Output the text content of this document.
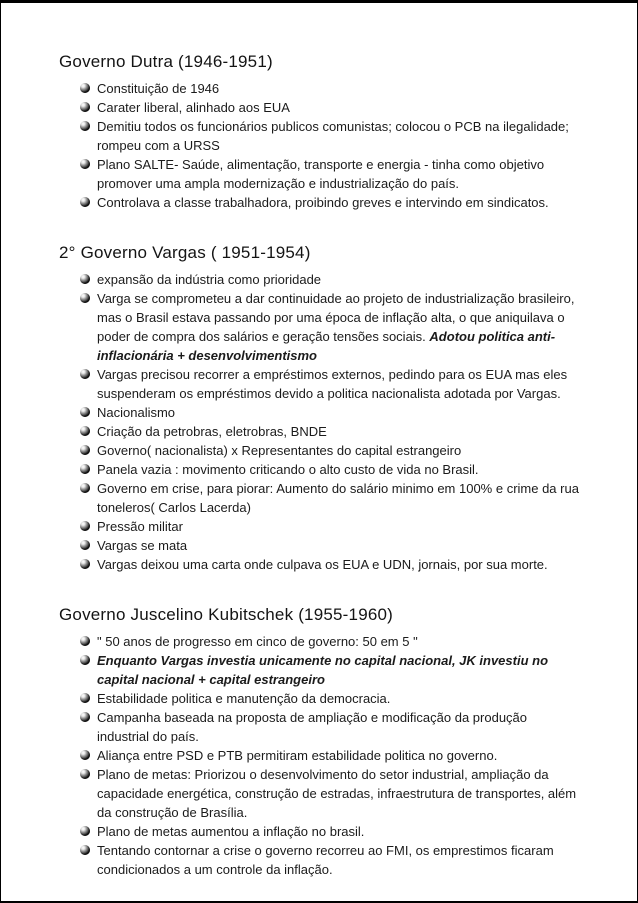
Governo Dutra (1946-1951)
Constituição de 1946
Carater liberal, alinhado aos EUA
Demitiu todos os funcionários publicos comunistas; colocou o PCB na ilegalidade; rompeu com a URSS
Plano SALTE- Saúde, alimentação, transporte e energia - tinha como objetivo promover uma ampla modernização e industrialização do país.
Controlava a classe trabalhadora, proibindo greves e intervindo em sindicatos.
2° Governo Vargas ( 1951-1954)
expansão da indústria como prioridade
Varga se comprometeu a dar continuidade ao projeto de industrialização brasileiro,  mas o Brasil estava passando por uma época de inflação alta, o que aniquilava o poder de compra dos salários e geração tensões sociais. Adotou politica anti-inflacionária + desenvolvimentismo
Vargas precisou recorrer a empréstimos externos, pedindo para os EUA mas eles suspenderam os empréstimos devido a politica nacionalista adotada por Vargas.
Nacionalismo
Criação da petrobras, eletrobras, BNDE
Governo( nacionalista) x Representantes do capital estrangeiro
Panela vazia : movimento criticando o alto custo de vida no Brasil.
Governo em crise, para piorar: Aumento do salário minimo em 100% e crime da rua toneleros( Carlos Lacerda)
Pressão militar
Vargas se mata
Vargas deixou uma carta onde culpava os EUA e UDN, jornais, por sua morte.
Governo Juscelino Kubitschek (1955-1960)
" 50 anos de progresso em cinco de governo: 50 em 5 "
Enquanto Vargas investia unicamente no capital nacional, JK investiu no capital nacional + capital estrangeiro
Estabilidade politica e manutenção da democracia.
Campanha baseada na proposta de ampliação e modificação da produção industrial do país.
Aliança entre PSD e PTB permitiram estabilidade politica no governo.
Plano de metas: Priorizou o desenvolvimento do setor industrial, ampliação da capacidade energética, construção de estradas, infraestrutura de transportes, além da construção de Brasília.
Plano de metas aumentou a inflação no brasil.
Tentando contornar a crise o governo recorreu ao FMI, os emprestimos ficaram condicionados a um controle da inflação.
